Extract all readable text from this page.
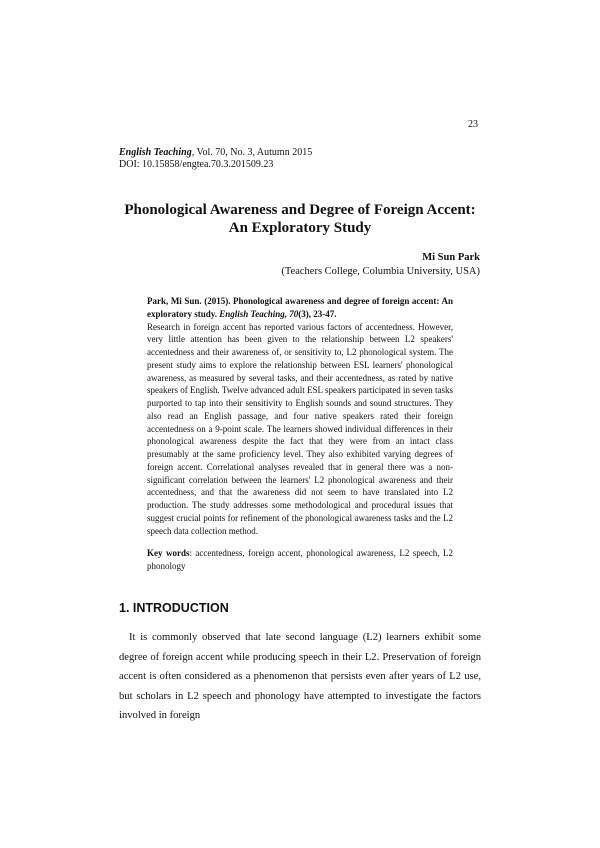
23
English Teaching, Vol. 70, No. 3, Autumn 2015
DOI: 10.15858/engtea.70.3.201509.23
Phonological Awareness and Degree of Foreign Accent:
An Exploratory Study
Mi Sun Park
(Teachers College, Columbia University, USA)
Park, Mi Sun. (2015). Phonological awareness and degree of foreign accent: An exploratory study. English Teaching, 70(3), 23-47.

Research in foreign accent has reported various factors of accentedness. However, very little attention has been given to the relationship between L2 speakers' accentedness and their awareness of, or sensitivity to, L2 phonological system. The present study aims to explore the relationship between ESL learners' phonological awareness, as measured by several tasks, and their accentedness, as rated by native speakers of English. Twelve advanced adult ESL speakers participated in seven tasks purported to tap into their sensitivity to English sounds and sound structures. They also read an English passage, and four native speakers rated their foreign accentedness on a 9-point scale. The learners showed individual differences in their phonological awareness despite the fact that they were from an intact class presumably at the same proficiency level. They also exhibited varying degrees of foreign accent. Correlational analyses revealed that in general there was a non-significant correlation between the learners' L2 phonological awareness and their accentedness, and that the awareness did not seem to have translated into L2 production. The study addresses some methodological and procedural issues that suggest crucial points for refinement of the phonological awareness tasks and the L2 speech data collection method.

Key words: accentedness, foreign accent, phonological awareness, L2 speech, L2 phonology
1. INTRODUCTION

It is commonly observed that late second language (L2) learners exhibit some degree of foreign accent while producing speech in their L2. Preservation of foreign accent is often considered as a phenomenon that persists even after years of L2 use, but scholars in L2 speech and phonology have attempted to investigate the factors involved in foreign
